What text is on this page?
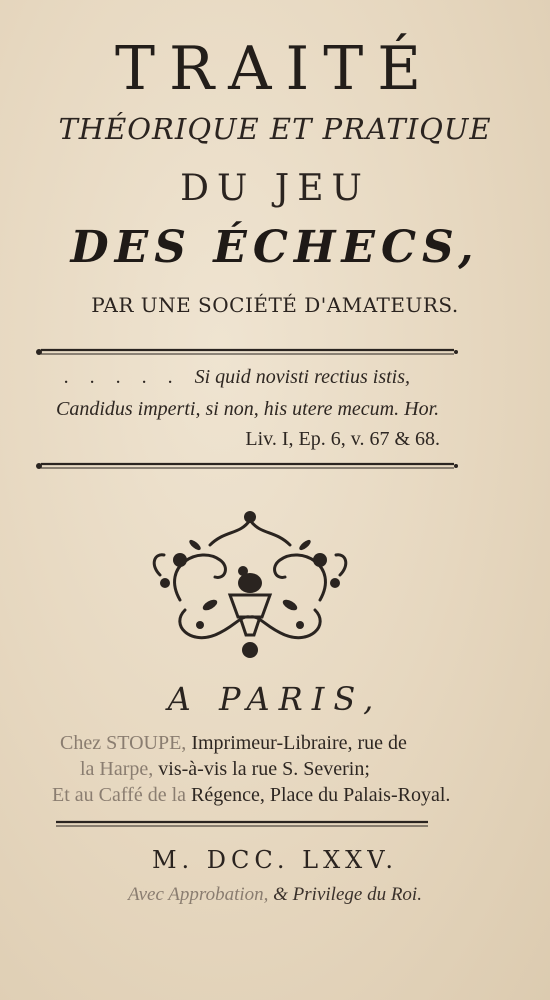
TRAITÉ
THÉORIQUE ET PRATIQUE
DU JEU
DES ÉCHECS,
PAR UNE SOCIÉTÉ D'AMATEURS.
. . . . . Si quid novisti rectius istis,
Candidus imperti, si non, his utere mecum. Hor.
Liv. I, Ep. 6, v. 67 & 68.
A PARIS,
Chez STOUPE, Imprimeur-Libraire, rue de
la Harpe, vis-à-vis la rue S. Severin;
Et au Caffé de la Régence, Place du Palais-Royal.
M. DCC. LXXV.
Avec Approbation, & Privilege du Roi.
